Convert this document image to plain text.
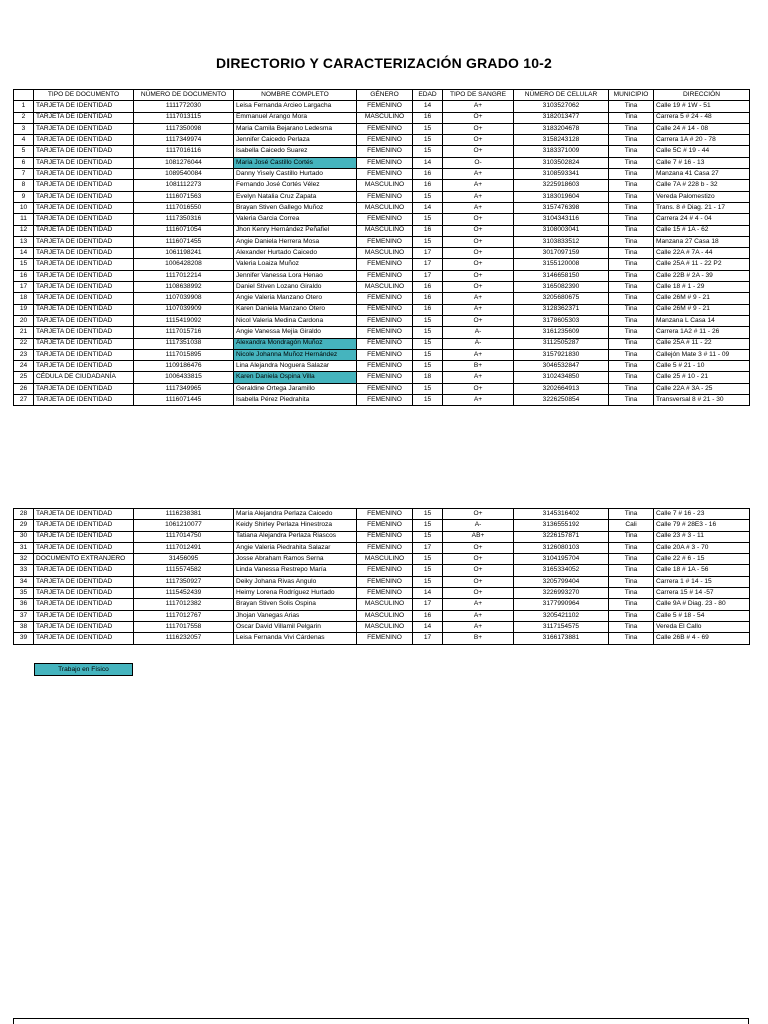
DIRECTORIO Y CARACTERIZACIÓN GRADO 10-2
	TIPO DE DOCUMENTO	NÚMERO DE DOCUMENTO	NOMBRE COMPLETO	GÉNERO	EDAD	TIPO DE SANGRE	NÚMERO DE CELULAR	MUNICIPIO	DIRECCIÓN
1	TARJETA DE IDENTIDAD	1111772030	Leisa Fernanda Arcieo Largacha	FEMENINO	14	A+	3103527062	Tina	Calle 19 # 1W - 51
2	TARJETA DE IDENTIDAD	1117013115	Emmanuel Arango Mora	MASCULINO	16	O+	3182013477	Tina	Carrera 5 # 24 - 48
3	TARJETA DE IDENTIDAD	1117350098	Maria Camila Bejarano Ledesma	FEMENINO	15	O+	3183204678	Tina	Calle 24 # 14 - 08
4	TARJETA DE IDENTIDAD	1117349974	Jennifer Caicedo Perlaza	FEMENINO	15	O+	3158243128	Tina	Carrera 1A # 20 - 78
5	TARJETA DE IDENTIDAD	1117016116	Isabella Caicedo Suarez	FEMENINO	15	O+	3183371009	Tina	Calle 5C # 19 - 44
6	TARJETA DE IDENTIDAD	1081276044	Maria José Castillo Cortés	FEMENINO	14	O-	3103502824	Tina	Calle 7 # 16 - 13
7	TARJETA DE IDENTIDAD	1089540084	Danny Yisely Castillo Hurtado	FEMENINO	16	A+	3108593341	Tina	Manzana 41 Casa 27
8	TARJETA DE IDENTIDAD	1081112273	Fernando José Cortés Vélez	MASCULINO	16	A+	3225918603	Tina	Calle 7A # 228 b - 32
9	TARJETA DE IDENTIDAD	1116071563	Evelyn Natalia Cruz Zapata	FEMENINO	15	A+	3183019604	Tina	Vereda Palomestizo
10	TARJETA DE IDENTIDAD	1117016550	Brayan Stiven Gallego Muñoz	MASCULINO	14	A+	3157476398	Tina	Trans. 8 # Diag. 21 - 17
11	TARJETA DE IDENTIDAD	1117350316	Valeria Garcia Correa	FEMENINO	15	O+	3104343116	Tina	Carrera 24 # 4 - 04
12	TARJETA DE IDENTIDAD	1116071054	Jhon Kenry Hernández Peñafiel	MASCULINO	16	O+	3108003041	Tina	Calle 15 # 1A - 62
13	TARJETA DE IDENTIDAD	1116071455	Angie Daniela Herrera Mosa	FEMENINO	15	O+	3103833512	Tina	Manzana 27 Casa 18
14	TARJETA DE IDENTIDAD	1061198241	Alexander Hurtado Caicedo	MASCULINO	17	O+	3017097159	Tina	Calle 22A # 7A - 44
15	TARJETA DE IDENTIDAD	1006428208	Valeria Loaiza Muñoz	FEMENINO	17	O+	3155120008	Tina	Calle 25A # 11 - 22 P2
16	TARJETA DE IDENTIDAD	1117012214	Jennifer Vanessa Lora Henao	FEMENINO	17	O+	3146658150	Tina	Calle 22B # 2A - 39
17	TARJETA DE IDENTIDAD	1108638992	Daniel Stiven Lozano Giraldo	MASCULINO	16	O+	3165082390	Tina	Calle 18 # 1 - 29
18	TARJETA DE IDENTIDAD	1107039908	Angie Valeria Manzano Otero	FEMENINO	16	A+	3205680675	Tina	Calle 26M # 9 - 21
19	TARJETA DE IDENTIDAD	1107039909	Karen Daniela Manzano Otero	FEMENINO	16	A+	3128362371	Tina	Calle 26M # 9 - 21
20	TARJETA DE IDENTIDAD	1115419092	Nicol Valeria Medina Cardona	FEMENINO	15	O+	3178605303	Tina	Manzana L Casa 14
21	TARJETA DE IDENTIDAD	1117015716	Angie Vanessa Mejía Giraldo	FEMENINO	15	A-	3161235609	Tina	Carrera 1A2 # 11 - 26
22	TARJETA DE IDENTIDAD	1117351038	Alexandra Mondragón Muñoz	FEMENINO	15	A-	3112505287	Tina	Calle 25A # 11 - 22
23	TARJETA DE IDENTIDAD	1117015895	Nicole Johanna Muñoz Hernández	FEMENINO	15	A+	3157921830	Tina	Callejón Mate 3 # 11 - 09
24	TARJETA DE IDENTIDAD	1109186476	Lina Alejandra Noguera Salazar	FEMENINO	15	B+	3046532847	Tina	Calle 5 # 21 - 10
25	CÉDULA DE CIUDADANÍA	1006433815	Karen Daniela Ospina Villa	FEMENINO	18	A+	3102434850	Tina	Calle 25 # 10 - 21
26	TARJETA DE IDENTIDAD	1117349965	Geraldine Ortega Jaramillo	FEMENINO	15	O+	3202664913	Tina	Calle 22A # 3A - 25
27	TARJETA DE IDENTIDAD	1116071445	Isabella Pérez Piedrahita	FEMENINO	15	A+	3226250854	Tina	Transversal 8 # 21 - 30
28	TARJETA DE IDENTIDAD	1116238381	María Alejandra Perlaza Caicedo	FEMENINO	15	O+	3145316402	Tina	Calle 7 # 16 - 23
29	TARJETA DE IDENTIDAD	1061210077	Keidy Shirley Perlaza Hinestroza	FEMENINO	15	A-	3136555192	Cali	Calle 79 # 28E3 - 16
30	TARJETA DE IDENTIDAD	1117014750	Tatiana Alejandra Perlaza Riascos	FEMENINO	15	AB+	3226157871	Tina	Calle 23 # 3 - 11
31	TARJETA DE IDENTIDAD	1117012491	Angie Valeria Piedrahita Salazar	FEMENINO	17	O+	3126080103	Tina	Calle 20A # 3 - 70
32	DOCUMENTO EXTRANJERO	31456095	Josse Abraham Ramos Serna	MASCULINO	15	O+	3104195704	Tina	Calle 22 # 6 - 15
33	TARJETA DE IDENTIDAD	1115574582	Linda Vanessa Restrepo María	FEMENINO	15	O+	3165334052	Tina	Calle 18 # 1A - 56
34	TARJETA DE IDENTIDAD	1117350927	Deiky Johana Rivas Angulo	FEMENINO	15	O+	3205799404	Tina	Carrera 1 # 14 - 15
35	TARJETA DE IDENTIDAD	1115452439	Heimy Lorena Rodríguez Hurtado	FEMENINO	14	O+	3226993270	Tina	Carrera 15 # 14 -57
36	TARJETA DE IDENTIDAD	1117012382	Brayan Stiven Solis Ospina	MASCULINO	17	A+	3177990964	Tina	Calle 9A # Diag. 23 - 80
37	TARJETA DE IDENTIDAD	1117012767	Jhojan Vanegas Arias	MASCULINO	16	A+	3205421102	Tina	Calle 5 # 18 - 54
38	TARJETA DE IDENTIDAD	1117017558	Oscar David Villamil Pelgarin	MASCULINO	14	A+	3117154575	Tina	Vereda El Callo
39	TARJETA DE IDENTIDAD	1116232057	Leisa Fernanda Vivi Cárdenas	FEMENINO	17	B+	3166173881	Tina	Calle 26B # 4 - 69
Trabajo en Físico
